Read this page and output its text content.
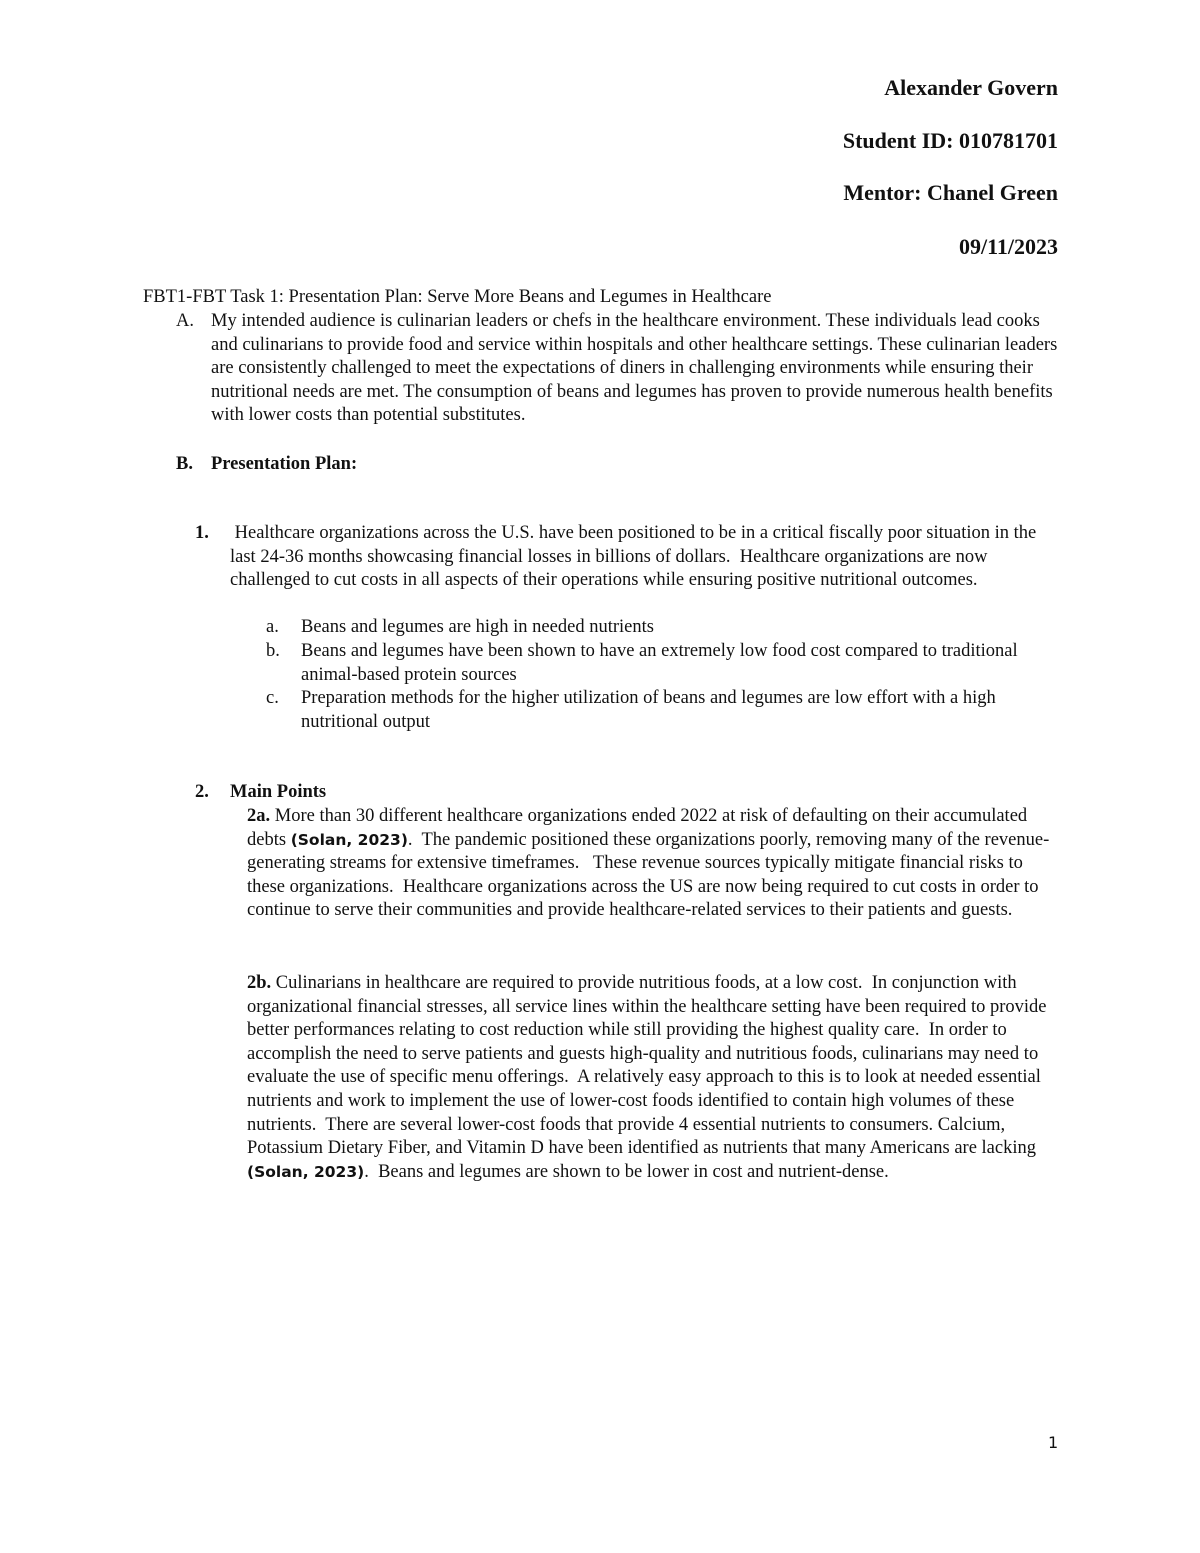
Alexander Govern
Student ID: 010781701
Mentor: Chanel Green
09/11/2023
FBT1-FBT Task 1: Presentation Plan: Serve More Beans and Legumes in Healthcare
A. My intended audience is culinarian leaders or chefs in the healthcare environment. These individuals lead cooks and culinarians to provide food and service within hospitals and other healthcare settings. These culinarian leaders are consistently challenged to meet the expectations of diners in challenging environments while ensuring their nutritional needs are met. The consumption of beans and legumes has proven to provide numerous health benefits with lower costs than potential substitutes.
B. Presentation Plan:
1. Healthcare organizations across the U.S. have been positioned to be in a critical fiscally poor situation in the last 24-36 months showcasing financial losses in billions of dollars.  Healthcare organizations are now challenged to cut costs in all aspects of their operations while ensuring positive nutritional outcomes.
a. Beans and legumes are high in needed nutrients
b. Beans and legumes have been shown to have an extremely low food cost compared to traditional animal-based protein sources
c. Preparation methods for the higher utilization of beans and legumes are low effort with a high nutritional output
2. Main Points
2a. More than 30 different healthcare organizations ended 2022 at risk of defaulting on their accumulated debts (Solan, 2023).  The pandemic positioned these organizations poorly, removing many of the revenue-generating streams for extensive timeframes.   These revenue sources typically mitigate financial risks to these organizations.  Healthcare organizations across the US are now being required to cut costs in order to continue to serve their communities and provide healthcare-related services to their patients and guests.
2b. Culinarians in healthcare are required to provide nutritious foods, at a low cost.  In conjunction with organizational financial stresses, all service lines within the healthcare setting have been required to provide better performances relating to cost reduction while still providing the highest quality care.  In order to accomplish the need to serve patients and guests high-quality and nutritious foods, culinarians may need to evaluate the use of specific menu offerings.  A relatively easy approach to this is to look at needed essential nutrients and work to implement the use of lower-cost foods identified to contain high volumes of these nutrients.  There are several lower-cost foods that provide 4 essential nutrients to consumers. Calcium, Potassium Dietary Fiber, and Vitamin D have been identified as nutrients that many Americans are lacking (Solan, 2023).  Beans and legumes are shown to be lower in cost and nutrient-dense.
1
